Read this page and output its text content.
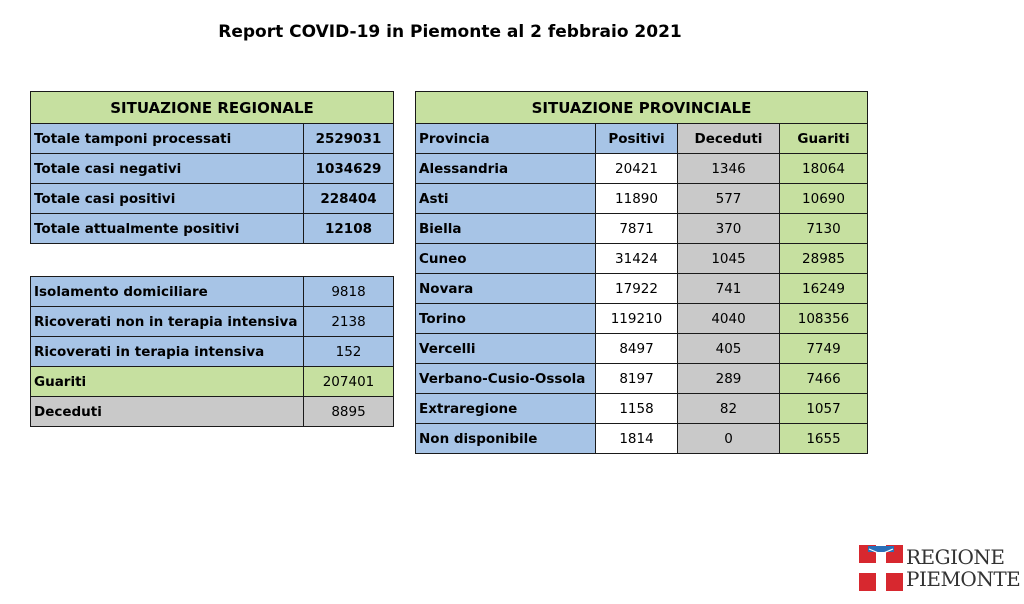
Report COVID-19 in Piemonte al 2 febbraio 2021
SITUAZIONE REGIONALE	
Totale tamponi processati	2529031
Totale casi negativi	1034629
Totale casi positivi	228404
Totale attualmente positivi	12108
Isolamento domiciliare	9818
Ricoverati non in terapia intensiva	2138
Ricoverati in terapia intensiva	152
Guariti	207401
Deceduti	8895
SITUAZIONE PROVINCIALE			
Provincia	Positivi	Deceduti	Guariti
Alessandria	20421	1346	18064
Asti	11890	577	10690
Biella	7871	370	7130
Cuneo	31424	1045	28985
Novara	17922	741	16249
Torino	119210	4040	108356
Vercelli	8497	405	7749
Verbano-Cusio-Ossola	8197	289	7466
Extraregione	1158	82	1057
Non disponibile	1814	0	1655
REGIONE
PIEMONTE
